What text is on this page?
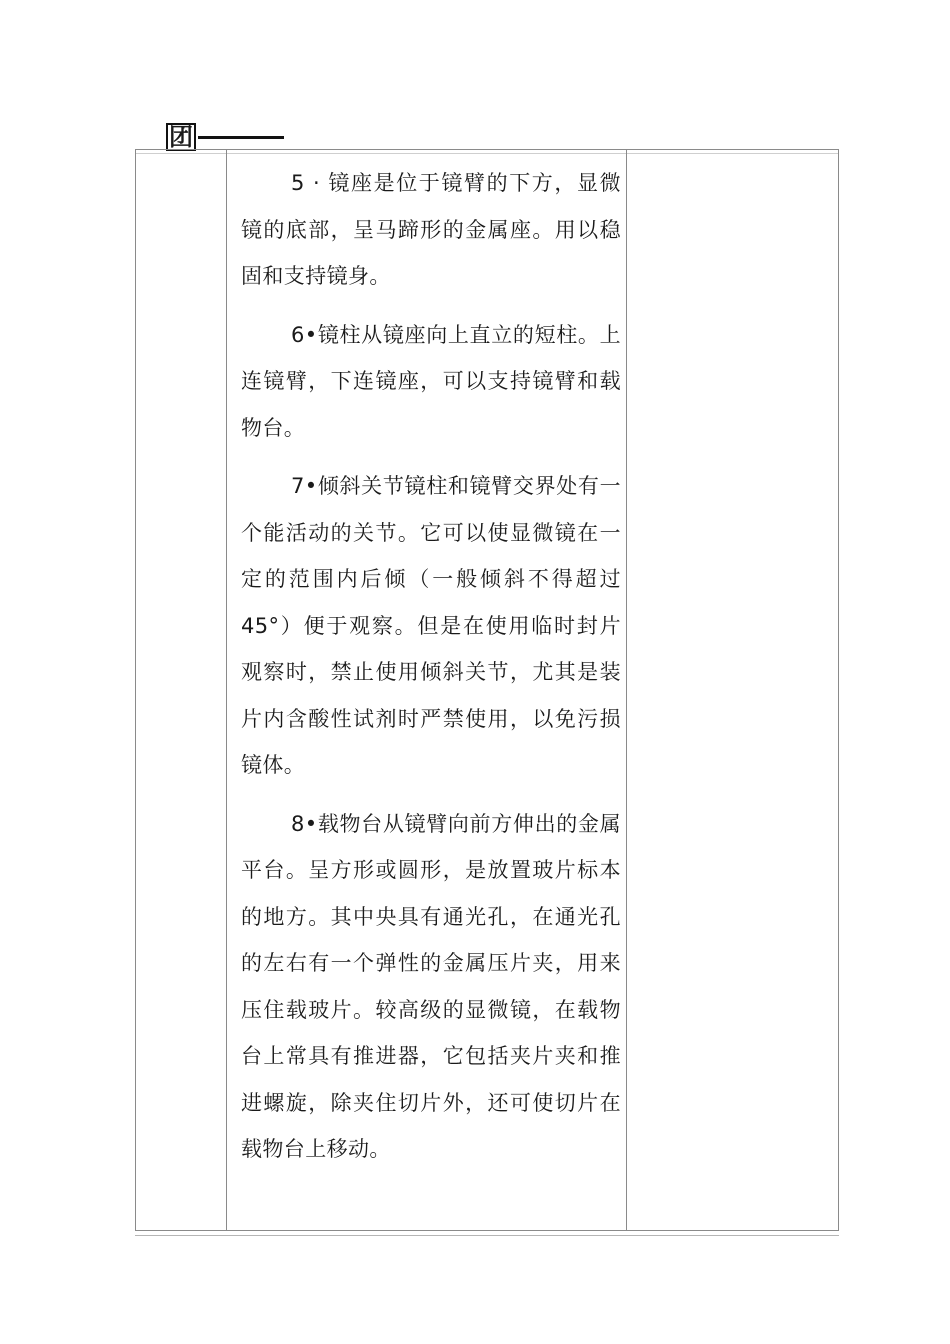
团

5 · 镜座是位于镜臂的下方，显微镜的底部，呈马蹄形的金属座。用以稳固和支持镜身。

6•镜柱从镜座向上直立的短柱。上连镜臂，下连镜座，可以支持镜臂和载物台。

7•倾斜关节镜柱和镜臂交界处有一个能活动的关节。它可以使显微镜在一定的范围内后倾（一般倾斜不得超过45°）便于观察。但是在使用临时封片观察时，禁止使用倾斜关节，尤其是装片内含酸性试剂时严禁使用，以免污损镜体。

8•载物台从镜臂向前方伸出的金属平台。呈方形或圆形，是放置玻片标本的地方。其中央具有通光孔，在通光孔的左右有一个弹性的金属压片夹，用来压住载玻片。较高级的显微镜，在载物台上常具有推进器，它包括夹片夹和推进螺旋，除夹住切片外，还可使切片在载物台上移动。
